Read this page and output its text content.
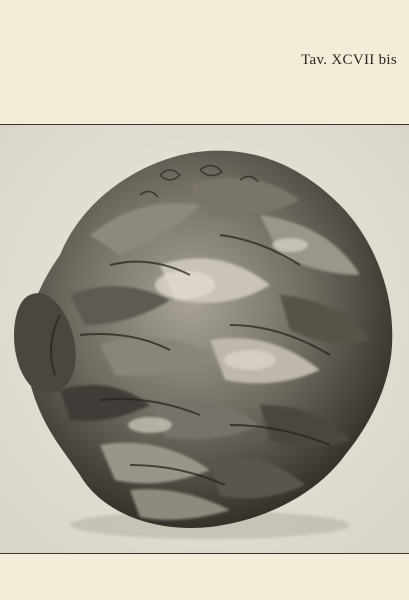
Tav. XCVII bis
